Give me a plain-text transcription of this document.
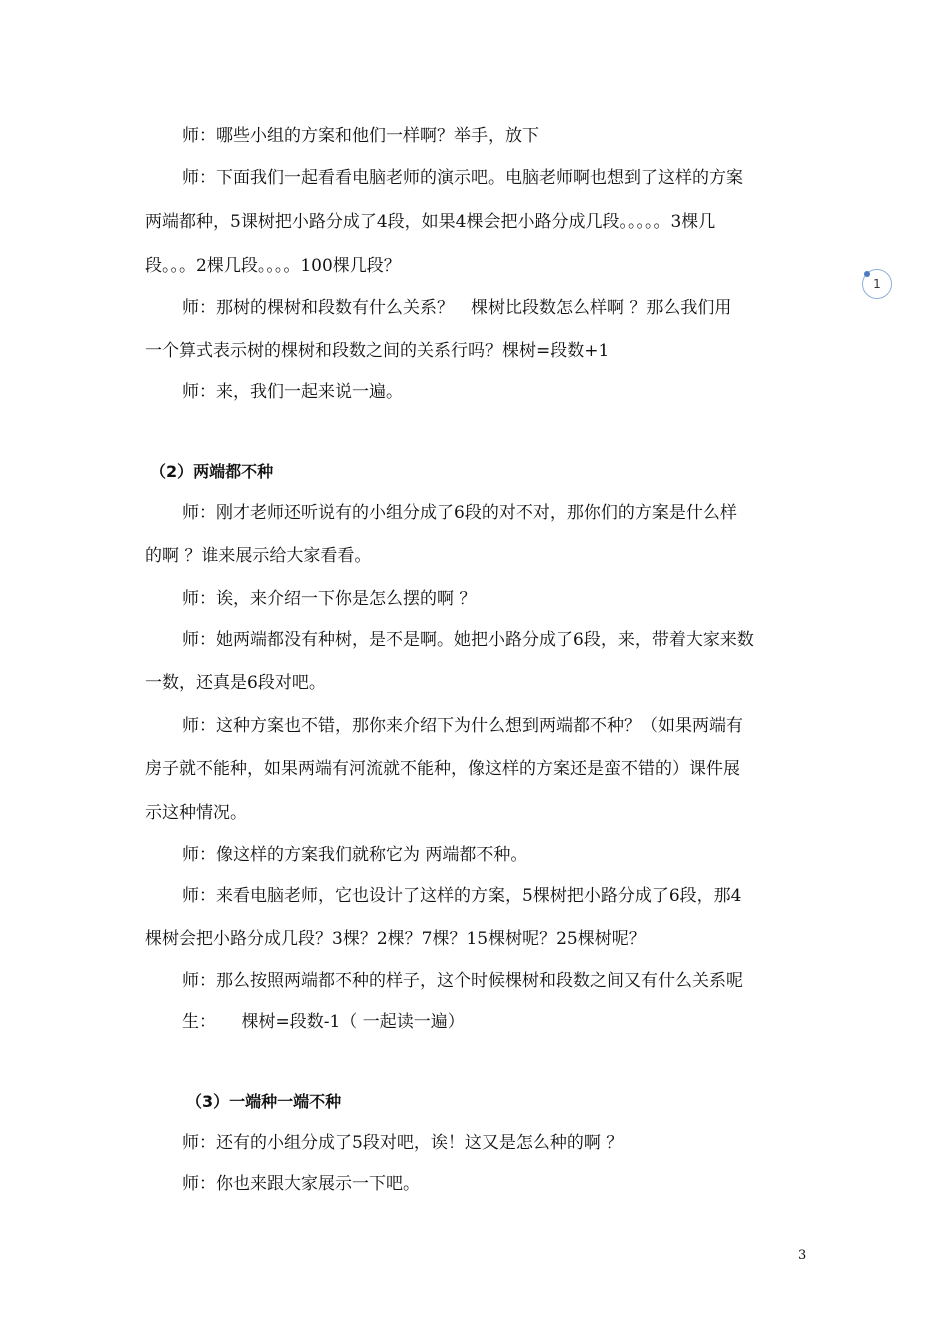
师：哪些小组的方案和他们一样啊？举手，放下
师：下面我们一起看看电脑老师的演示吧。电脑老师啊也想到了这样的方案
两端都种，5课树把小路分成了4段，如果4棵会把小路分成几段。。。。。3棵几
段。。。2棵几段。。。。100棵几段？
师：那树的棵树和段数有什么关系？　棵树比段数怎么样啊 ？那么我们用
一个算式表示树的棵树和段数之间的关系行吗？棵树=段数+1
师：来，我们一起来说一遍。
（2）两端都不种
师：刚才老师还听说有的小组分成了6段的对不对，那你们的方案是什么样
的啊 ？谁来展示给大家看看。
师：诶，来介绍一下你是怎么摆的啊 ？
师：她两端都没有种树，是不是啊。她把小路分成了6段，来，带着大家来数
一数，还真是6段对吧。
师：这种方案也不错，那你来介绍下为什么想到两端都不种？（如果两端有
房子就不能种，如果两端有河流就不能种，像这样的方案还是蛮不错的）课件展
示这种情况。
师：像这样的方案我们就称它为 两端都不种。
师：来看电脑老师，它也设计了这样的方案，5棵树把小路分成了6段，那4
棵树会把小路分成几段？3棵？2棵？7棵？15棵树呢？25棵树呢？
师：那么按照两端都不种的样子，这个时候棵树和段数之间又有什么关系呢
生：　　棵树=段数-1（ 一起读一遍）
（3）一端种一端不种
师：还有的小组分成了5段对吧，诶！这又是怎么种的啊 ？
师：你也来跟大家展示一下吧。
1
3
